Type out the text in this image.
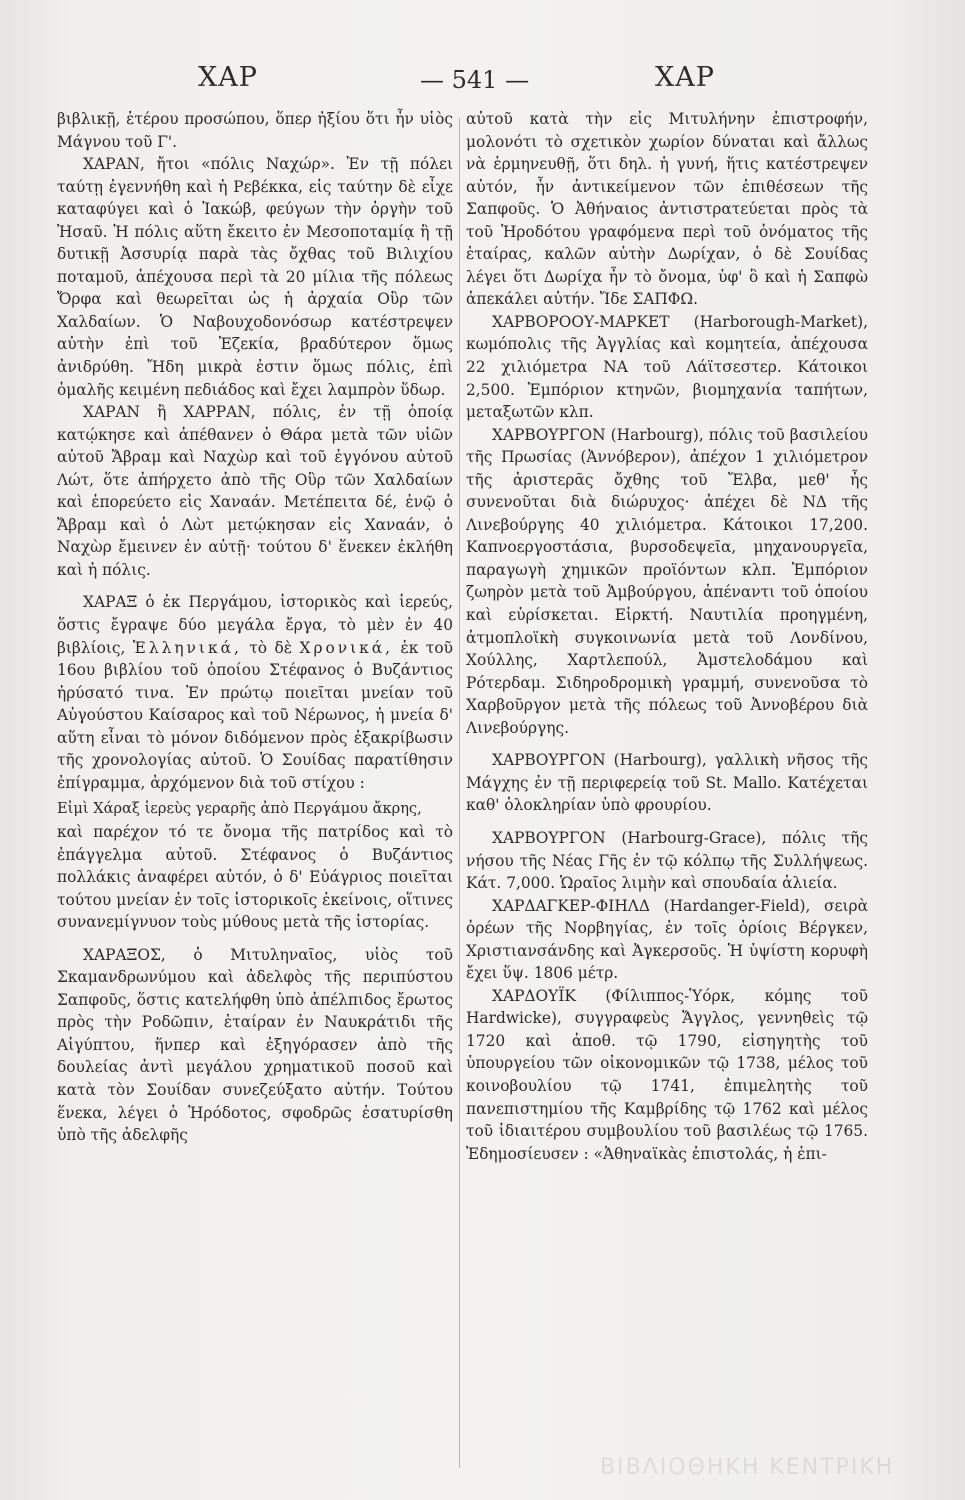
ΧΑΡ	— 541 —	ΧΑΡ

βιβλικῇ, ἑτέρου προσώπου, ὅπερ ἠξίου ὅτι ἦν υἱὸς Μάγνου τοῦ Γ'.

ΧΑΡΑΝ, ἤτοι «πόλις Ναχώρ». Ἐν τῇ πόλει ταύτῃ ἐγεννήθη καὶ ἡ Ρεβέκκα, εἰς ταύτην δὲ εἶχε καταφύγει καὶ ὁ Ἰακώβ, φεύγων τὴν ὀργὴν τοῦ Ἠσαῦ. Ἡ πόλις αὕτη ἔκειτο ἐν Μεσοποταμίᾳ ἢ τῇ δυτικῇ Ἀσσυρίᾳ παρὰ τὰς ὄχθας τοῦ Βιλιχίου ποταμοῦ, ἀπέχουσα περὶ τὰ 20 μίλια τῆς πόλεως Ὄρφα καὶ θεωρεῖται ὡς ἡ ἀρχαία Οὒρ τῶν Χαλδαίων. Ὁ Ναβουχοδονόσωρ κατέστρεψεν αὐτὴν ἐπὶ τοῦ Ἐζεκία, βραδύτερον ὅμως ἀνιδρύθη. Ἤδη μικρὰ ἐστιν ὅμως πόλις, ἐπὶ ὁμαλῆς κειμένη πεδιάδος καὶ ἔχει λαμπρὸν ὕδωρ.

ΧΑΡΑΝ ἢ ΧΑΡΡΑΝ, πόλις, ἐν τῇ ὁποίᾳ κατῴκησε καὶ ἀπέθανεν ὁ Θάρα μετὰ τῶν υἱῶν αὐτοῦ Ἄβραμ καὶ Ναχὼρ καὶ τοῦ ἐγγόνου αὐτοῦ Λώτ, ὅτε ἀπήρχετο ἀπὸ τῆς Οὒρ τῶν Χαλδαίων καὶ ἐπορεύετο εἰς Χαναάν. Μετέπειτα δέ, ἐνῷ ὁ Ἄβραμ καὶ ὁ Λὼτ μετῴκησαν εἰς Χαναάν, ὁ Ναχὼρ ἔμεινεν ἐν αὐτῇ· τούτου δ' ἕνεκεν ἐκλήθη καὶ ἡ πόλις.

ΧΑΡΑΞ ὁ ἐκ Περγάμου, ἱστορικὸς καὶ ἱερεύς, ὅστις ἔγραψε δύο μεγάλα ἔργα, τὸ μὲν ἐν 40 βιβλίοις, Ἑλληνικά, τὸ δὲ Χρονικά, ἐκ τοῦ 16ου βιβλίου τοῦ ὁποίου Στέφανος ὁ Βυζάντιος ἠρύσατό τινα. Ἐν πρώτῳ ποιεῖται μνείαν τοῦ Αὐγούστου Καίσαρος καὶ τοῦ Νέρωνος, ἡ μνεία δ' αὕτη εἶναι τὸ μόνον διδόμενον πρὸς ἐξακρίβωσιν τῆς χρονολογίας αὐτοῦ. Ὁ Σουίδας παρατίθησιν ἐπίγραμμα, ἀρχόμενον διὰ τοῦ στίχου :

Εἰμὶ Χάραξ ἱερεὺς γεραρῆς ἀπὸ Περγάμου ἄκρης,

καὶ παρέχον τό τε ὄνομα τῆς πατρίδος καὶ τὸ ἐπάγγελμα αὐτοῦ. Στέφανος ὁ Βυζάντιος πολλάκις ἀναφέρει αὐτόν, ὁ δ' Εὐάγριος ποιεῖται τούτου μνείαν ἐν τοῖς ἱστορικοῖς ἐκείνοις, οἵτινες συνανεμίγνυον τοὺς μύθους μετὰ τῆς ἱστορίας.

ΧΑΡΑΞΟΣ, ὁ Μιτυληναῖος, υἱὸς τοῦ Σκαμανδρωνύμου καὶ ἀδελφὸς τῆς περιπύστου Σαπφοῦς, ὅστις κατελήφθη ὑπὸ ἀπέλπιδος ἔρωτος πρὸς τὴν Ροδῶπιν, ἑταίραν ἐν Ναυκράτιδι τῆς Αἰγύπτου, ἥνπερ καὶ ἐξηγόρασεν ἀπὸ τῆς δουλείας ἀντὶ μεγάλου χρηματικοῦ ποσοῦ καὶ κατὰ τὸν Σουίδαν συνεζεύξατο αὐτήν. Τούτου ἕνεκα, λέγει ὁ Ἡρόδοτος, σφοδρῶς ἐσατυρίσθη ὑπὸ τῆς ἀδελφῆς

αὐτοῦ κατὰ τὴν εἰς Μιτυλήνην ἐπιστροφήν, μολονότι τὸ σχετικὸν χωρίον δύναται καὶ ἄλλως νὰ ἑρμηνευθῇ, ὅτι δηλ. ἡ γυνή, ἥτις κατέστρεψεν αὐτόν, ἦν ἀντικείμενον τῶν ἐπιθέσεων τῆς Σαπφοῦς. Ὁ Ἀθήναιος ἀντιστρατεύεται πρὸς τὰ τοῦ Ἡροδότου γραφόμενα περὶ τοῦ ὀνόματος τῆς ἑταίρας, καλῶν αὐτὴν Δωρίχαν, ὁ δὲ Σουίδας λέγει ὅτι Δωρίχα ἦν τὸ ὄνομα, ὑφ' ὃ καὶ ἡ Σαπφὼ ἀπεκάλει αὐτήν. Ἴδε ΣΑΠΦΩ.

ΧΑΡΒΟΡΟΟΥ-ΜΑΡΚΕΤ (Harborough-Market), κωμόπολις τῆς Ἀγγλίας καὶ κομητεία, ἀπέχουσα 22 χιλιόμετρα ΝΑ τοῦ Λάϊτσεστερ. Κάτοικοι 2,500. Ἐμπόριον κτηνῶν, βιομηχανία ταπήτων, μεταξωτῶν κλπ.

ΧΑΡΒΟΥΡΓΟΝ (Harbourg), πόλις τοῦ βασιλείου τῆς Πρωσίας (Ἀννόβερον), ἀπέχον 1 χιλιόμετρον τῆς ἀριστερᾶς ὄχθης τοῦ Ἔλβα, μεθ' ἧς συνενοῦται διὰ διώρυχος· ἀπέχει δὲ ΝΔ τῆς Λινεβούργης 40 χιλιόμετρα. Κάτοικοι 17,200. Καπνοεργοστάσια, βυρσοδεψεῖα, μηχανουργεῖα, παραγωγὴ χημικῶν προϊόντων κλπ. Ἐμπόριον ζωηρὸν μετὰ τοῦ Ἀμβούργου, ἀπέναντι τοῦ ὁποίου καὶ εὑρίσκεται. Εἱρκτή. Ναυτιλία προηγμένη, ἀτμοπλοϊκὴ συγκοινωνία μετὰ τοῦ Λονδίνου, Χούλλης, Χαρτλεπούλ, Ἀμστελοδάμου καὶ Ρότερδαμ. Σιδηροδρομικὴ γραμμή, συνενοῦσα τὸ Χαρβοῦργον μετὰ τῆς πόλεως τοῦ Ἀννοβέρου διὰ Λινεβούργης.

ΧΑΡΒΟΥΡΓΟΝ (Harbourg), γαλλικὴ νῆσος τῆς Μάγχης ἐν τῇ περιφερείᾳ τοῦ St. Mallo. Κατέχεται καθ' ὁλοκληρίαν ὑπὸ φρουρίου.

ΧΑΡΒΟΥΡΓΟΝ (Harbourg-Grace), πόλις τῆς νήσου τῆς Νέας Γῆς ἐν τῷ κόλπῳ τῆς Συλλήψεως. Κάτ. 7,000. Ὡραῖος λιμὴν καὶ σπουδαία ἁλιεία.

ΧΑΡΔΑΓΚΕΡ-ΦΙΗΛΔ (Hardanger-Field), σειρὰ ὀρέων τῆς Νορβηγίας, ἐν τοῖς ὁρίοις Βέργκεν, Χριστιανσάνδης καὶ Ἀγκερσοῦς. Ἡ ὑψίστη κορυφὴ ἔχει ὕψ. 1806 μέτρ.

ΧΑΡΔΟΥΪΚ (Φίλιππος-Ὑόρκ, κόμης τοῦ Hardwicke), συγγραφεὺς Ἄγγλος, γεννηθεὶς τῷ 1720 καὶ ἀποθ. τῷ 1790, εἰσηγητὴς τοῦ ὑπουργείου τῶν οἰκονομικῶν τῷ 1738, μέλος τοῦ κοινοβουλίου τῷ 1741, ἐπιμελητὴς τοῦ πανεπιστημίου τῆς Καμβρίδης τῷ 1762 καὶ μέλος τοῦ ἰδιαιτέρου συμβουλίου τοῦ βασιλέως τῷ 1765. Ἐδημοσίευσεν : «Ἀθηναϊκὰς ἐπιστολάς, ἡ ἐπι-

ΒΙΒΛΙΟΘΗΚΗ ΚΕΝΤΡΙΚΗ
